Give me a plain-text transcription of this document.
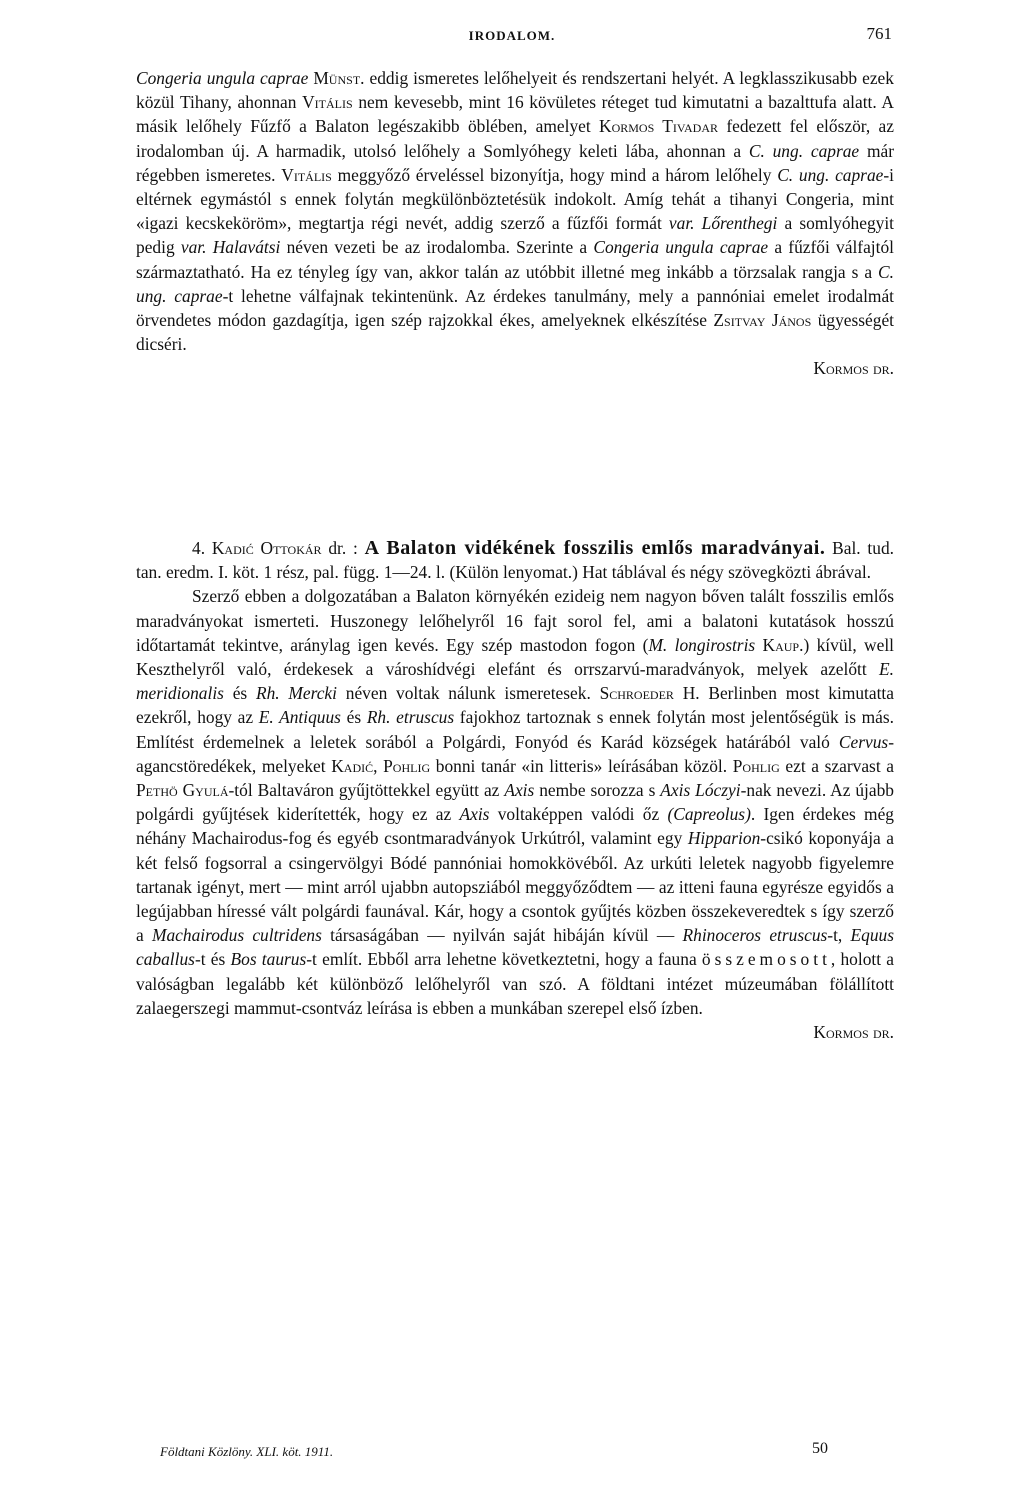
IRODALOM.	761

Congeria ungula caprae Münst. eddig ismeretes lelőhelyeit és rendszertani helyét. A legklasszikusabb ezek közül Tihany, ahonnan Vitális nem kevesebb, mint 16 kövületes réteget tud kimutatni a bazalttufa alatt. A másik lelőhely Fűzfő a Balaton legészakibb öblében, amelyet Kormos Tivadar fedezett fel először, az irodalomban új. A harmadik, utolsó lelőhely a Somlyóhegy keleti lába, ahonnan a C. ung. caprae már régebben ismeretes. Vitális meggyőző érveléssel bizonyítja, hogy mind a három lelőhely C. ung. caprae-i eltérnek egymástól s ennek folytán megkülönböztetésük indokolt. Amíg tehát a tihanyi Congeria, mint «igazi kecskeköröm», megtartja régi nevét, addig szerző a fűzfői formát var. Lőrenthegi a somlyóhegyit pedig var. Halavátsi néven vezeti be az irodalomba. Szerinte a Congeria ungula caprae a fűzfői válfajtól származtatható. Ha ez tényleg így van, akkor talán az utóbbit illetné meg inkább a törzsalak rangja s a C. ung. caprae-t lehetne válfajnak tekintenünk. Az érdekes tanulmány, mely a pannóniai emelet irodalmát örvendetes módon gazdagítja, igen szép rajzokkal ékes, amelyeknek elkészítése Zsitvay János ügyességét dicséri.

Kormos dr.

4. Kadić Ottokár dr. : A Balaton vidékének fosszilis emlős maradványai. Bal. tud. tan. eredm. I. köt. 1 rész, pal. függ. 1—24. l. (Külön lenyomat.) Hat táblával és négy szövegközti ábrával.

Szerző ebben a dolgozatában a Balaton környékén ezideig nem nagyon bőven talált fosszilis emlős maradványokat ismerteti. Huszonegy lelőhelyről 16 fajt sorol fel, ami a balatoni kutatások hosszú időtartamát tekintve, aránylag igen kevés. Egy szép mastodon fogon (M. longirostris Kaup.) kívül, well Keszthelyről való, érdekesek a városhídvégi elefánt és orrszarvú-maradványok, melyek azelőtt E. meridionalis és Rh. Mercki néven voltak nálunk ismeretesek. Schroeder H. Berlinben most kimutatta ezekről, hogy az E. Antiquus és Rh. etruscus fajokhoz tartoznak s ennek folytán most jelentőségük is más. Említést érdemelnek a leletek sorából a Polgárdi, Fonyód és Karád községek határából való Cervus-agancstöredékek, melyeket Kadić, Pohlig bonni tanár «in litteris» leírásában közöl. Pohlig ezt a szarvast a Pethö Gyulá-tól Baltaváron gyűjtöttekkel együtt az Axis nembe sorozza s Axis Lóczyi-nak nevezi. Az újabb polgárdi gyűjtések kiderítették, hogy ez az Axis voltaképpen valódi őz (Capreolus). Igen érdekes még néhány Machairodus-fog és egyéb csontmaradványok Urkútról, valamint egy Hipparion-csikó koponyája a két felső fogsorral a csingervölgyi Bódé pannóniai homokkövéből. Az urkúti leletek nagyobb figyelemre tartanak igényt, mert — mint arról ujabbn autopsziából meggyőződtem — az itteni fauna egyrésze egyidős a legújabban híressé vált polgárdi faunával. Kár, hogy a csontok gyűjtés közben összekeveredtek s így szerző a Machairodus cultridens társaságában — nyilván saját hibáján kívül — Rhinoceros etruscus-t, Equus caballus-t és Bos taurus-t említ. Ebből arra lehetne következtetni, hogy a fauna összemosott, holott a valóságban legalább két különböző lelőhelyről van szó. A földtani intézet múzeumában fölállított zalaegerszegi mammut-csontváz leírása is ebben a munkában szerepel első ízben.

Kormos dr.

Földtani Közlöny. XLI. köt. 1911.	50
